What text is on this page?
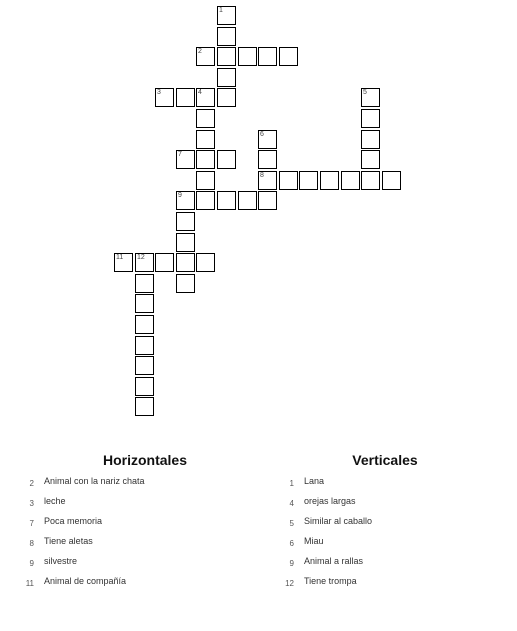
1
2
3	4	5
6
7
8
9
11 12
Horizontales
2 Animal con la nariz chata
3 leche
7 Poca memoria
8 Tiene aletas
9 silvestre
11 Animal de compañía
Verticales
1 Lana
4 orejas largas
5 Similar al caballo
6 Miau
9 Animal a rallas
12 Tiene trompa
